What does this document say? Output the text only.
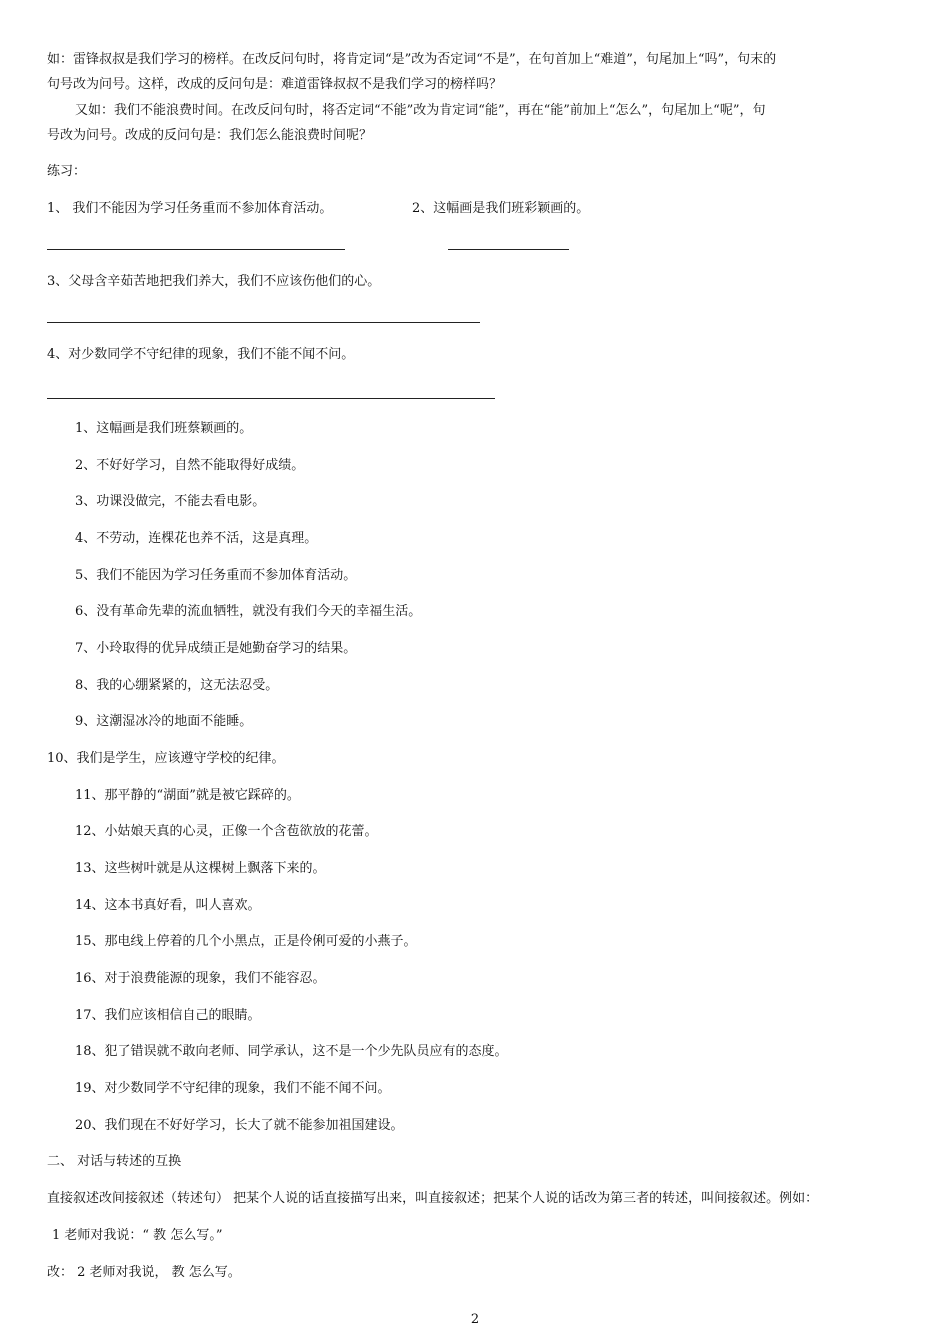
如：雷锋叔叔是我们学习的榜样。在改反问句时，将肯定词“是”改为否定词“不是”，在句首加上“难道”，句尾加上“吗”，句末的
句号改为问号。这样，改成的反问句是：难道雷锋叔叔不是我们学习的榜样吗？
又如：我们不能浪费时间。在改反问句时，将否定词“不能”改为肯定词“能”，再在“能”前加上“怎么”，句尾加上“呢”，句
号改为问号。改成的反问句是：我们怎么能浪费时间呢？
练习：
1、 我们不能因为学习任务重而不参加体育活动。	2、这幅画是我们班彩颖画的。
3、父母含辛茹苦地把我们养大，我们不应该伤他们的心。
4、对少数同学不守纪律的现象，我们不能不闻不问。
1、这幅画是我们班蔡颖画的。
2、不好好学习，自然不能取得好成绩。
3、功课没做完，不能去看电影。
4、不劳动，连棵花也养不活，这是真理。
5、我们不能因为学习任务重而不参加体育活动。
6、没有革命先辈的流血牺牲，就没有我们今天的幸福生活。
7、小玲取得的优异成绩正是她勤奋学习的结果。
8、我的心绷紧紧的，这无法忍受。
9、这潮湿冰冷的地面不能睡。
10、我们是学生，应该遵守学校的纪律。
11、那平静的“湖面”就是被它踩碎的。
12、小姑娘天真的心灵，正像一个含苞欲放的花蕾。
13、这些树叶就是从这棵树上飘落下来的。
14、这本书真好看，叫人喜欢。
15、那电线上停着的几个小黑点，正是伶俐可爱的小燕子。
16、对于浪费能源的现象，我们不能容忍。
17、我们应该相信自己的眼睛。
18、犯了错误就不敢向老师、同学承认，这不是一个少先队员应有的态度。
19、对少数同学不守纪律的现象，我们不能不闻不问。
20、我们现在不好好学习，长大了就不能参加祖国建设。
二、 对话与转述的互换
直接叙述改间接叙述（转述句） 把某个人说的话直接描写出来，叫直接叙述；把某个人说的话改为第三者的转述，叫间接叙述。例如：
1 老师对我说：“ 教 怎么写。”
改： 2 老师对我说， 教 怎么写。
2
